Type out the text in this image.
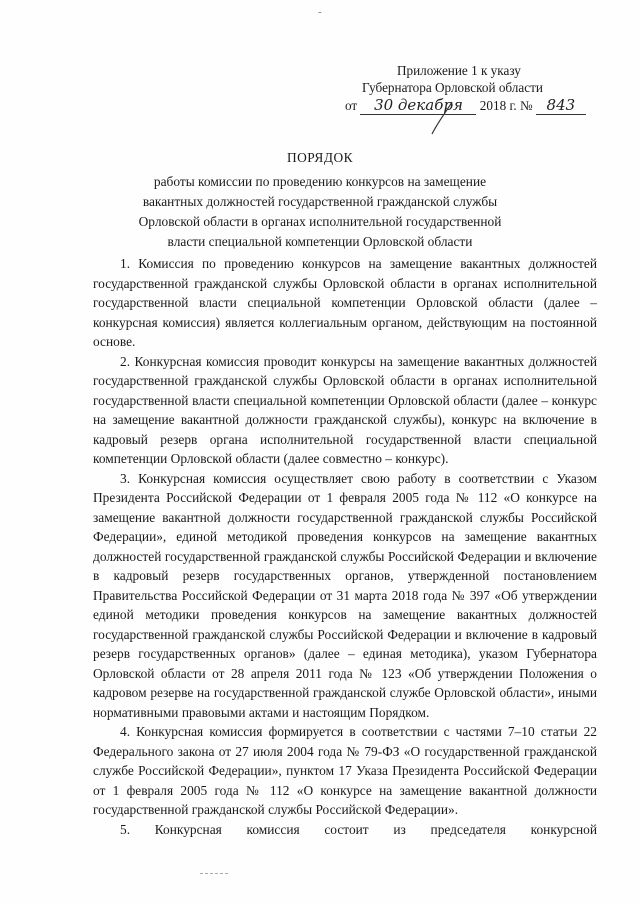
-
Приложение 1 к указу
Губернатора Орловской области
от 30 декабря 2018 г. № 843
ПОРЯДОК
работы комиссии по проведению конкурсов на замещение
вакантных должностей государственной гражданской службы
Орловской области в органах исполнительной государственной
власти специальной компетенции Орловской области

1. Комиссия по проведению конкурсов на замещение вакантных должностей государственной гражданской службы Орловской области в органах исполнительной государственной власти специальной компетенции Орловской области (далее – конкурсная комиссия) является коллегиальным органом, действующим на постоянной основе.

2. Конкурсная комиссия проводит конкурсы на замещение вакантных должностей государственной гражданской службы Орловской области в органах исполнительной государственной власти специальной компетенции Орловской области (далее – конкурс на замещение вакантной должности гражданской службы), конкурс на включение в кадровый резерв органа исполнительной государственной власти специальной компетенции Орловской области (далее совместно – конкурс).

3. Конкурсная комиссия осуществляет свою работу в соответствии с Указом Президента Российской Федерации от 1 февраля 2005 года № 112 «О конкурсе на замещение вакантной должности государственной гражданской службы Российской Федерации», единой методикой проведения конкурсов на замещение вакантных должностей государственной гражданской службы Российской Федерации и включение в кадровый резерв государственных органов, утвержденной постановлением Правительства Российской Федерации от 31 марта 2018 года № 397 «Об утверждении единой методики проведения конкурсов на замещение вакантных должностей государственной гражданской службы Российской Федерации и включение в кадровый резерв государственных органов» (далее – единая методика), указом Губернатора Орловской области от 28 апреля 2011 года № 123 «Об утверждении Положения о кадровом резерве на государственной гражданской службе Орловской области», иными нормативными правовыми актами и настоящим Порядком.

4. Конкурсная комиссия формируется в соответствии с частями 7–10 статьи 22 Федерального закона от 27 июля 2004 года № 79-ФЗ «О государственной гражданской службе Российской Федерации», пунктом 17 Указа Президента Российской Федерации от 1 февраля 2005 года № 112 «О конкурсе на замещение вакантной должности государственной гражданской службы Российской Федерации».

5. Конкурсная комиссия состоит из председателя конкурсной
